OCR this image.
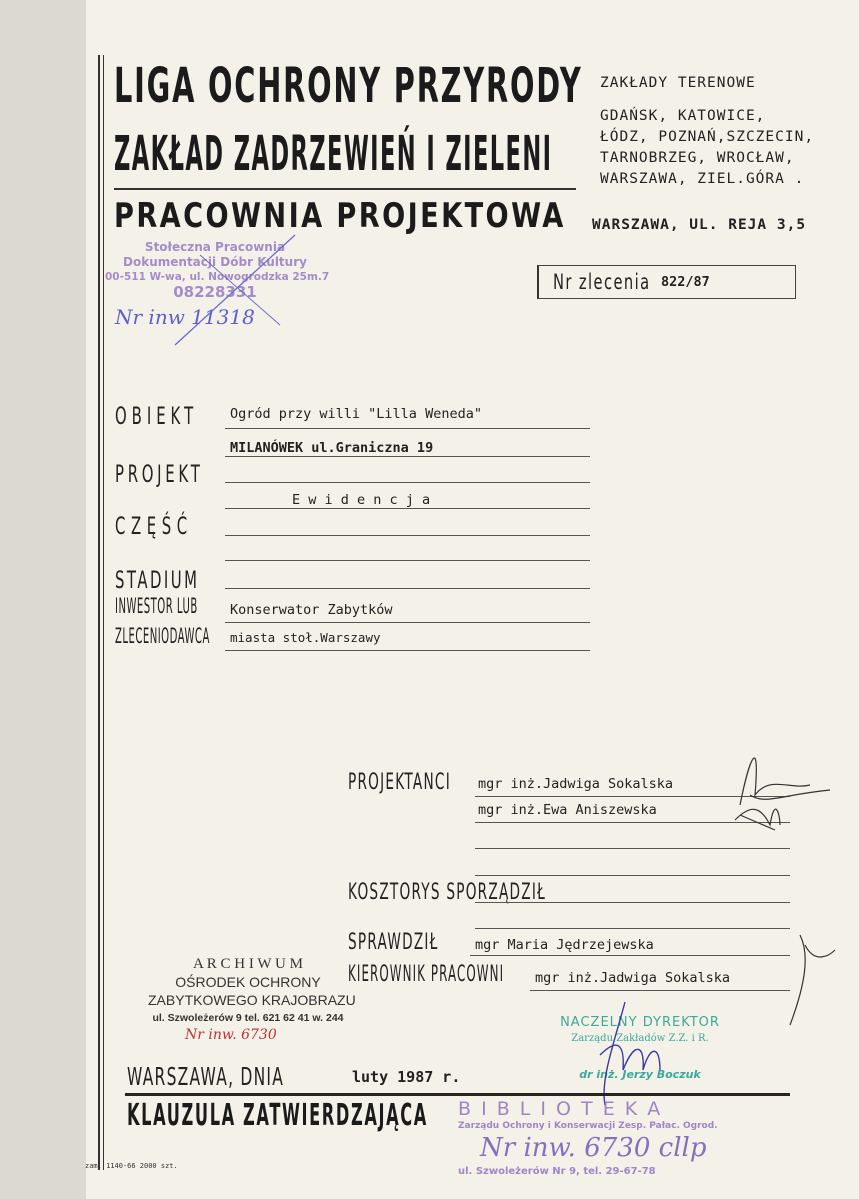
LIGA OCHRONY PRZYRODY
ZAKŁAD ZADRZEWIEŃ I ZIELENI
PRACOWNIA PROJEKTOWA
ZAKŁADY TERENOWE
GDAŃSK, KATOWICE,
ŁÓDZ, POZNAŃ,SZCZECIN,
TARNOBRZEG, WROCŁAW,
WARSZAWA, ZIEL.GÓRA .
WARSZAWA, UL. REJA 3,5
Nr zlecenia 822/87
Stołeczna Pracownia
Dokumentacji Dóbr Kultury
00-511 W-wa, ul. Nowogrodzka 25m.7
08228331
Nr inw 11318
OBIEKT Ogród przy willi "Lilla Weneda"
MILANÓWEK ul.Graniczna 19
PROJEKT
E w i d e n c j a
CZĘŚĆ
STADIUM
INWESTOR LUB Konserwator Zabytków
ZLECENIODAWCA miasta stoł.Warszawy
PROJEKTANCI mgr inż.Jadwiga Sokalska
mgr inż.Ewa Aniszewska
KOSZTORYS SPORZĄDZIŁ
SPRAWDZIŁ	mgr Maria Jędrzejewska
KIEROWNIK PRACOWNI mgr inż.Jadwiga Sokalska
A R C H I W U M
OŚRODEK OCHRONY
ZABYTKOWEGO KRAJOBRAZU
ul. Szwoleżerów 9 tel. 621 62 41 w. 244
Nr inw. 6730
NACZELNY DYREKTOR
Zarządu Zakładów Z.Z. i R.
dr inż. Jerzy Boczuk
WARSZAWA, DNIA	luty 1987 r.
KLAUZULA ZATWIERDZAJĄCA B I B L I O T E K A
Zarządu Ochrony i Konserwacji Zesp. Pałac. Ogrod.
Nr inw. 6730 cllp
ul. Szwoleżerów Nr 9, tel. 29-67-78
zam. 1140-66 2000 szt.
